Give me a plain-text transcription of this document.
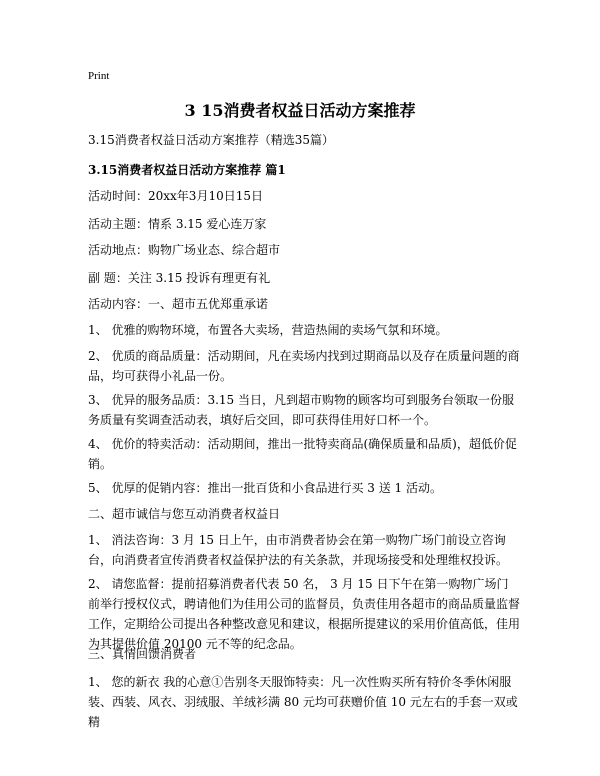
Print
3 15消费者权益日活动方案推荐
3.15消费者权益日活动方案推荐（精选35篇）
3.15消费者权益日活动方案推荐 篇1
活动时间：20xx年3月10日15日
活动主题：情系 3.15 爱心连万家
活动地点：购物广场业态、综合超市
副 题：关注 3.15 投诉有理更有礼
活动内容：一、超市五优郑重承诺
1、 优雅的购物环境，布置各大卖场，营造热闹的卖场气氛和环境。
2、 优质的商品质量：活动期间，凡在卖场内找到过期商品以及存在质量问题的商品，均可获得小礼品一份。
3、 优异的服务品质：3.15 当日，凡到超市购物的顾客均可到服务台领取一份服务质量有奖调查活动表，填好后交回，即可获得佳用好口杯一个。
4、 优价的特卖活动：活动期间，推出一批特卖商品(确保质量和品质)，超低价促销。
5、 优厚的促销内容：推出一批百货和小食品进行买 3 送 1 活动。
二、超市诚信与您互动消费者权益日
1、 消法咨询：3 月 15 日上午，由市消费者协会在第一购物广场门前设立咨询台，向消费者宣传消费者权益保护法的有关条款，并现场接受和处理维权投诉。
2、 请您监督：提前招募消费者代表 50 名， 3 月 15 日下午在第一购物广场门前举行授权仪式，聘请他们为佳用公司的监督员，负责佳用各超市的商品质量监督工作，定期给公司提出各种整改意见和建议，根据所提建议的采用价值高低，佳用为其提供价值 20100 元不等的纪念品。
三、真情回馈消费者
1、 您的新衣 我的心意①告别冬天服饰特卖：凡一次性购买所有特价冬季休闲服装、西装、风衣、羽绒服、羊绒衫满 80 元均可获赠价值 10 元左右的手套一双或精
